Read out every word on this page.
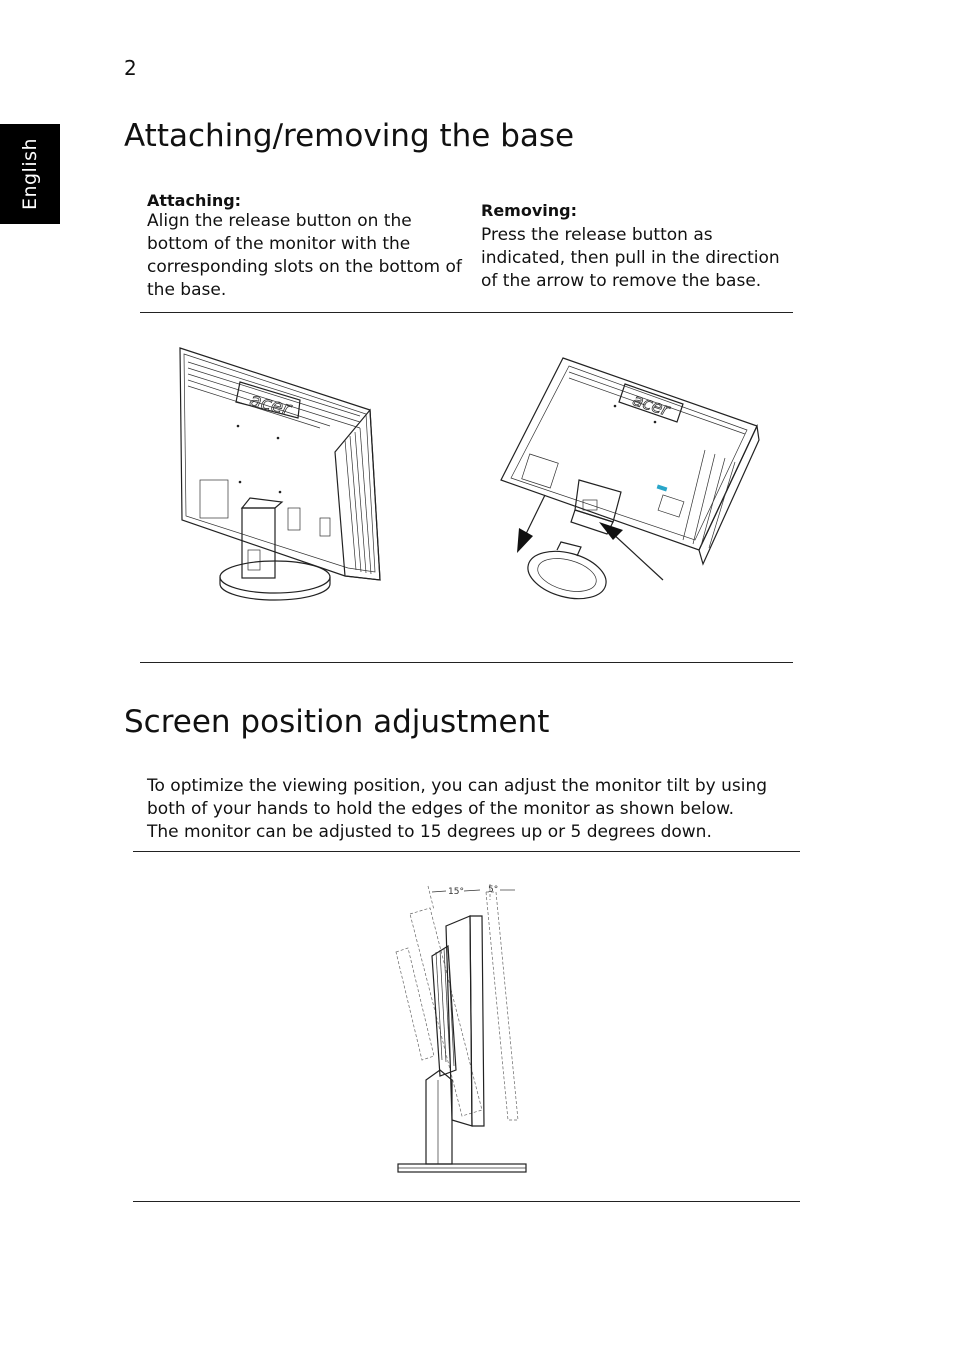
2
English
Attaching/removing the base
Attaching:
Align the release button on the
bottom of the monitor with the
corresponding slots on the bottom of
the base.
Removing:
Press the release button as
indicated, then pull in the direction
of the arrow to remove the base.
acer	acer
Screen position adjustment
To optimize the viewing position, you can adjust the monitor tilt by using
both of your hands to hold the edges of the monitor as shown below.
The monitor can be adjusted to 15 degrees up or 5 degrees down.
15°	5°
